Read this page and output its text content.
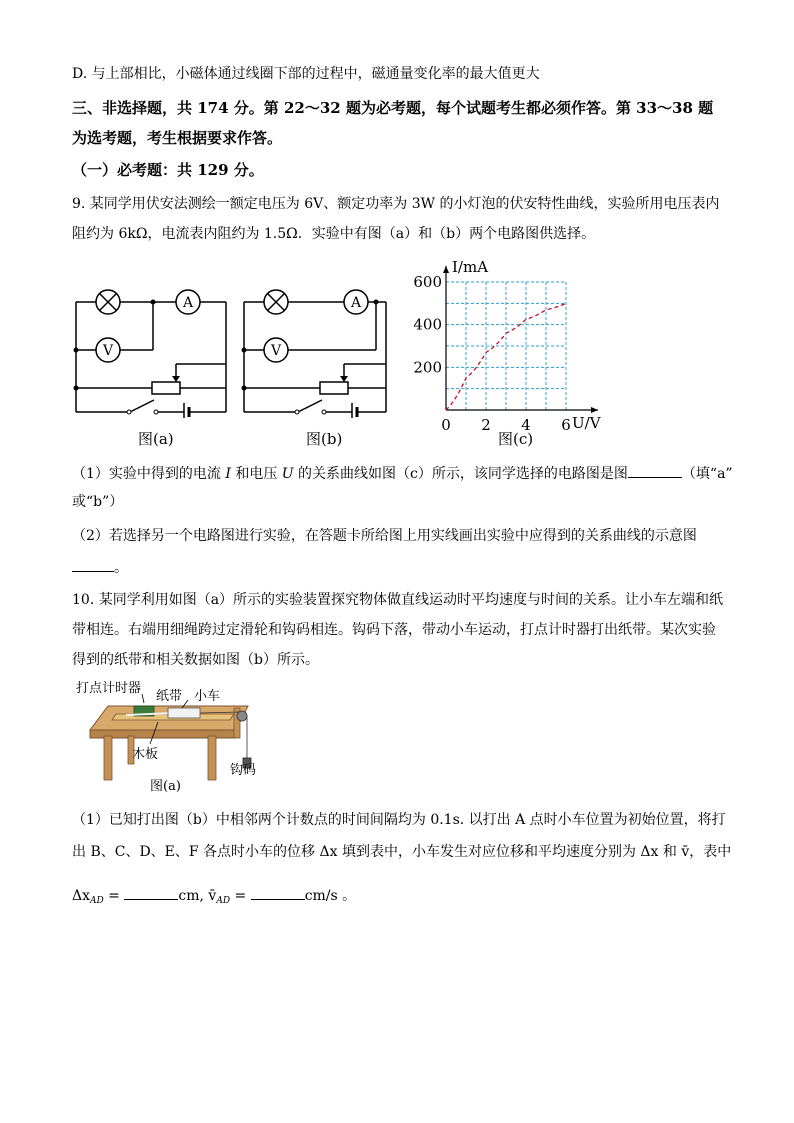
D. 与上部相比，小磁体通过线圈下部的过程中，磁通量变化率的最大值更大
三、非选择题，共 174 分。第 22～32 题为必考题，每个试题考生都必须作答。第 33～38 题
为选考题，考生根据要求作答。
（一）必考题：共 129 分。
9. 某同学用伏安法测绘一额定电压为 6V、额定功率为 3W 的小灯泡的伏安特性曲线，实验所用电压表内
阻约为 6kΩ，电流表内阻约为 1.5Ω．实验中有图（a）和（b）两个电路图供选择。
A
V
图(a)
A
V
图(b)
0 2 4 6
200
400
600
I/mA
U/V
图(c)
（1）实验中得到的电流 I 和电压 U 的关系曲线如图（c）所示，该同学选择的电路图是图	（填“a”
或“b”）
（2）若选择另一个电路图进行实验，在答题卡所给图上用实线画出实验中应得到的关系曲线的示意图
。
10. 某同学利用如图（a）所示的实验装置探究物体做直线运动时平均速度与时间的关系。让小车左端和纸
带相连。右端用细绳跨过定滑轮和钩码相连。钩码下落，带动小车运动，打点计时器打出纸带。某次实验
得到的纸带和相关数据如图（b）所示。
打点计时器
纸带 小车
木板
钩码
图(a)
（1）已知打出图（b）中相邻两个计数点的时间间隔均为 0.1s. 以打出 A 点时小车位置为初始位置，将打
出 B、C、D、E、F 各点时小车的位移 Δx 填到表中，小车发生对应位移和平均速度分别为 Δx 和 v̄，表中
$\Delta x_{AD}$ =	cm, $v̄_{AD}$ =	cm/s 。
